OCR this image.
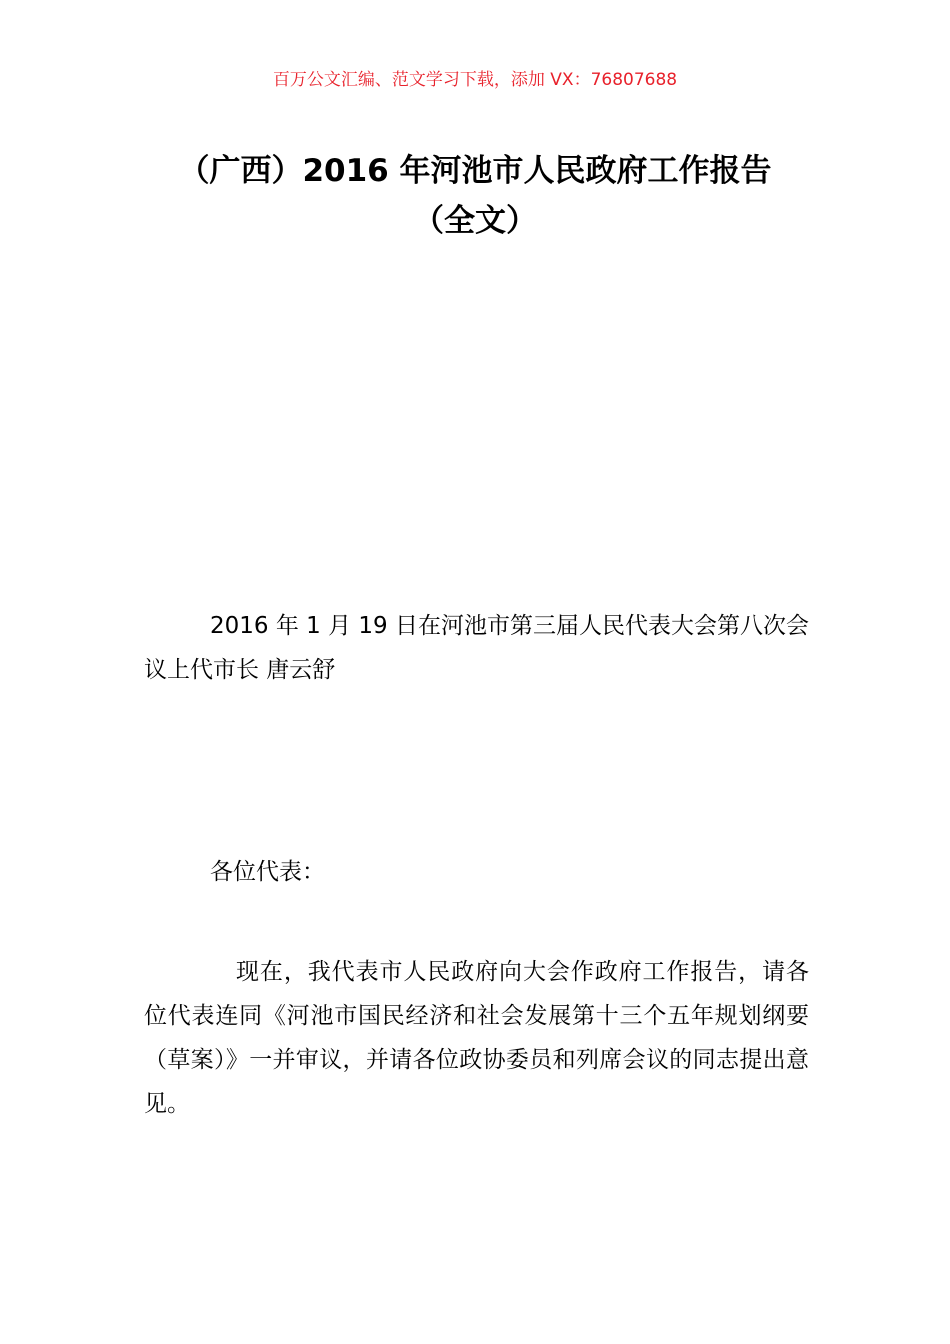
百万公文汇编、范文学习下载，添加 VX：76807688
（广西）2016 年河池市人民政府工作报告
（全文）

2016 年 1 月 19 日在河池市第三届人民代表大会第八次会议上代市长 唐云舒

各位代表：

现在，我代表市人民政府向大会作政府工作报告，请各位代表连同《河池市国民经济和社会发展第十三个五年规划纲要（草案）》一并审议，并请各位政协委员和列席会议的同志提出意见。
